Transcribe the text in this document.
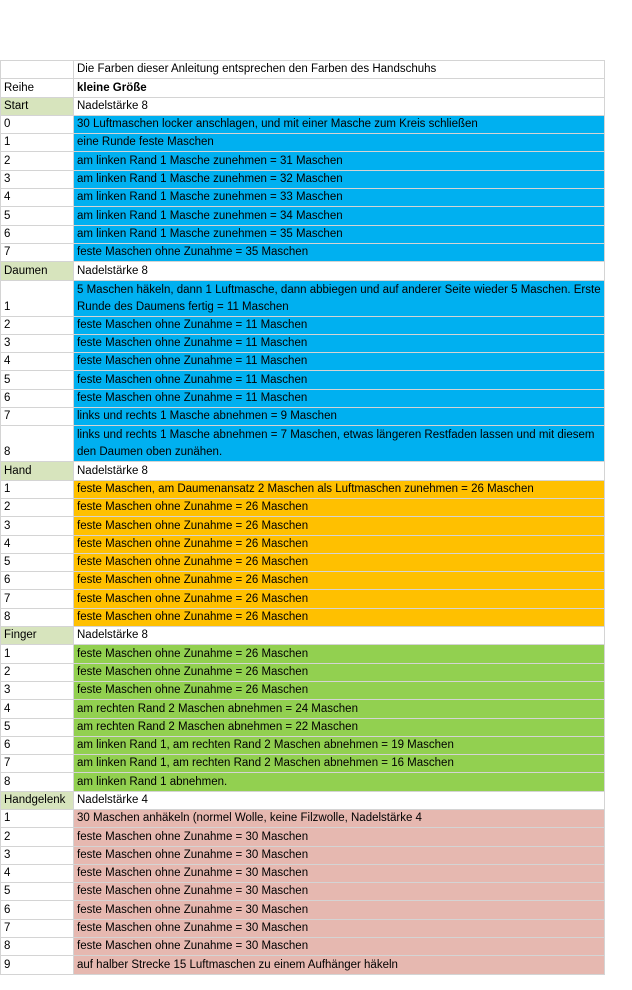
	Die Farben dieser Anleitung entsprechen den Farben des Handschuhs
Reihe	kleine Größe
Start	Nadelstärke 8
0	30 Luftmaschen locker anschlagen, und mit einer Masche zum Kreis schließen
1	eine Runde feste Maschen
2	am linken Rand 1 Masche zunehmen = 31 Maschen
3	am linken Rand 1 Masche zunehmen = 32 Maschen
4	am linken Rand 1 Masche zunehmen = 33 Maschen
5	am linken Rand 1 Masche zunehmen = 34 Maschen
6	am linken Rand 1 Masche zunehmen = 35 Maschen
7	feste Maschen ohne Zunahme = 35 Maschen
Daumen	Nadelstärke 8
1	5 Maschen häkeln, dann 1 Luftmasche, dann abbiegen und auf anderer Seite wieder 5 Maschen. Erste Runde des Daumens fertig = 11 Maschen
2	feste Maschen ohne Zunahme = 11 Maschen
3	feste Maschen ohne Zunahme = 11 Maschen
4	feste Maschen ohne Zunahme = 11 Maschen
5	feste Maschen ohne Zunahme = 11 Maschen
6	feste Maschen ohne Zunahme = 11 Maschen
7	links und rechts 1 Masche abnehmen = 9 Maschen
8	links und rechts 1 Masche abnehmen = 7 Maschen, etwas längeren Restfaden lassen und mit diesem den Daumen oben zunähen.
Hand	Nadelstärke 8
1	feste Maschen, am Daumenansatz 2 Maschen als Luftmaschen zunehmen = 26 Maschen
2	feste Maschen ohne Zunahme = 26 Maschen
3	feste Maschen ohne Zunahme = 26 Maschen
4	feste Maschen ohne Zunahme = 26 Maschen
5	feste Maschen ohne Zunahme = 26 Maschen
6	feste Maschen ohne Zunahme = 26 Maschen
7	feste Maschen ohne Zunahme = 26 Maschen
8	feste Maschen ohne Zunahme = 26 Maschen
Finger	Nadelstärke 8
1	feste Maschen ohne Zunahme = 26 Maschen
2	feste Maschen ohne Zunahme = 26 Maschen
3	feste Maschen ohne Zunahme = 26 Maschen
4	am rechten Rand 2 Maschen abnehmen = 24 Maschen
5	am rechten Rand 2 Maschen abnehmen = 22 Maschen
6	am linken Rand 1, am rechten Rand 2 Maschen abnehmen = 19 Maschen
7	am linken Rand 1, am rechten Rand 2 Maschen abnehmen = 16 Maschen
8	am linken Rand 1 abnehmen.
Handgelenk	Nadelstärke 4
1	30 Maschen anhäkeln (normel Wolle, keine Filzwolle, Nadelstärke 4
2	feste Maschen ohne Zunahme = 30 Maschen
3	feste Maschen ohne Zunahme = 30 Maschen
4	feste Maschen ohne Zunahme = 30 Maschen
5	feste Maschen ohne Zunahme = 30 Maschen
6	feste Maschen ohne Zunahme = 30 Maschen
7	feste Maschen ohne Zunahme = 30 Maschen
8	feste Maschen ohne Zunahme = 30 Maschen
9	auf halber Strecke 15 Luftmaschen zu einem Aufhänger häkeln
